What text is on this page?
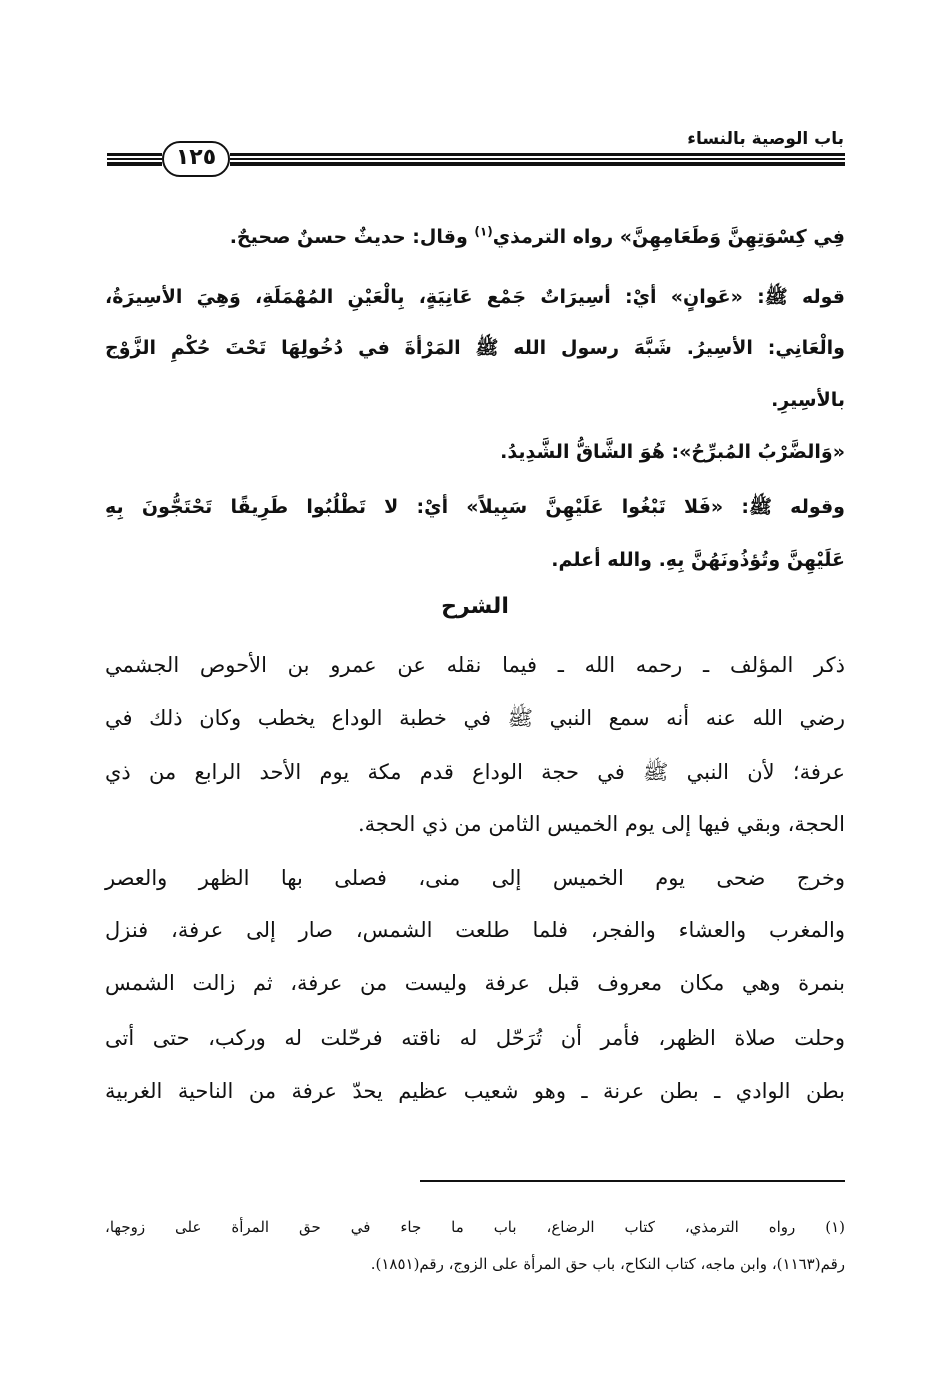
باب الوصية بالنساء
١٢٥
فِي كِسْوَتِهِنَّ وَطَعَامِهِنَّ» رواه الترمذي$^{(١)}$ وقال: حديثٌ حسنٌ صحيحٌ.
قوله ﷺ: «عَوانٍ» أيْ: أسِيرَاتٌ جَمْع عَانِيَةٍ، بِالْعَيْنِ المُهْمَلَةِ، وَهِيَ الأسِيرَةُ،
والْعَانِي: الأسِيرُ. شَبَّهَ رسول الله ﷺ المَرْأةَ في دُخُولِهَا تَحْتَ حُكْمِ الزَّوْج
بالأسِيرِ.
«وَالضَّرْبُ المُبرِّحُ»: هُوَ الشَّاقُّ الشَّدِيدُ.
وقوله ﷺ: «فَلا تَبْغُوا عَلَيْهِنَّ سَبِيلاً» أيْ: لا تَطْلُبُوا طَرِيقًا تَحْتَجُّونَ بِهِ
عَلَيْهِنَّ وتُؤذُونَهُنَّ بِهِ. والله أعلم.
الشرح
ذكر المؤلف ـ رحمه الله ـ فيما نقله عن عمرو بن الأحوص الجشمي
رضي الله عنه أنه سمع النبي ﷺ في خطبة الوداع يخطب وكان ذلك في
عرفة؛ لأن النبي ﷺ في حجة الوداع قدم مكة يوم الأحد الرابع من ذي
الحجة، وبقي فيها إلى يوم الخميس الثامن من ذي الحجة.
وخرج ضحى يوم الخميس إلى منى، فصلى بها الظهر والعصر
والمغرب والعشاء والفجر، فلما طلعت الشمس، صار إلى عرفة، فنزل
بنمرة وهي مكان معروف قبل عرفة وليست من عرفة، ثم زالت الشمس
وحلت صلاة الظهر، فأمر أن تُرَحّل له ناقته فرحّلت له وركب، حتى أتى
بطن الوادي ـ بطن عرنة ـ وهو شعيب عظيم يحدّ عرفة من الناحية الغربية
(١) رواه الترمذي، كتاب الرضاع، باب ما جاء في حق المرأة على زوجها،
رقم(١١٦٣)، وابن ماجه، كتاب النكاح، باب حق المرأة على الزوج، رقم(١٨٥١).
